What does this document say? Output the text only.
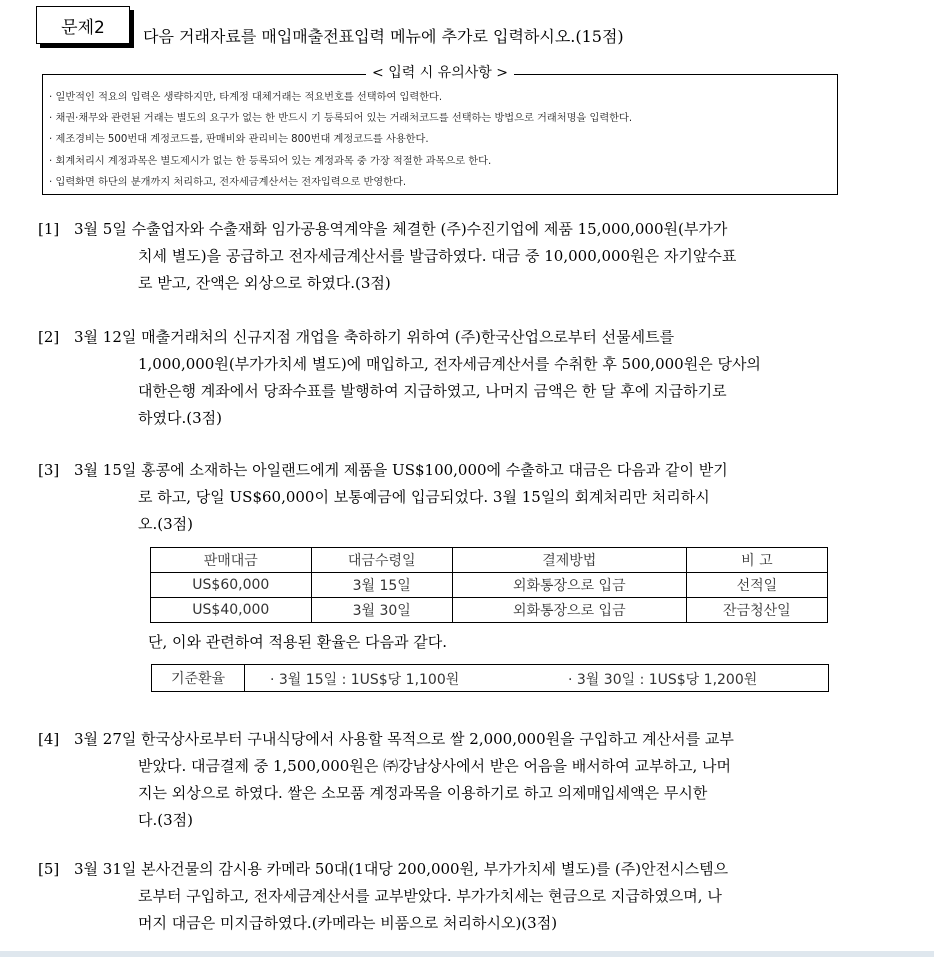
문제2	다음 거래자료를 매입매출전표입력 메뉴에 추가로 입력하시오.(15점)
< 입력 시 유의사항 >
· 일반적인 적요의 입력은 생략하지만, 타계정 대체거래는 적요번호를 선택하여 입력한다.
· 채권·채무와 관련된 거래는 별도의 요구가 없는 한 반드시 기 등록되어 있는 거래처코드를 선택하는 방법으로 거래처명을 입력한다.
· 제조경비는 500번대 계정코드를, 판매비와 관리비는 800번대 계정코드를 사용한다.
· 회계처리시 계정과목은 별도제시가 없는 한 등록되어 있는 계정과목 중 가장 적절한 과목으로 한다.
· 입력화면 하단의 분개까지 처리하고, 전자세금계산서는 전자입력으로 반영한다.
[1] 3월 5일 수출업자와 수출재화 임가공용역계약을 체결한 (주)수진기업에 제품 15,000,000원(부가가
치세 별도)을 공급하고 전자세금계산서를 발급하였다. 대금 중 10,000,000원은 자기앞수표
로 받고, 잔액은 외상으로 하였다.(3점)
[2] 3월 12일 매출거래처의 신규지점 개업을 축하하기 위하여 (주)한국산업으로부터 선물세트를
1,000,000원(부가가치세 별도)에 매입하고, 전자세금계산서를 수취한 후 500,000원은 당사의
대한은행 계좌에서 당좌수표를 발행하여 지급하였고, 나머지 금액은 한 달 후에 지급하기로
하였다.(3점)
[3] 3월 15일 홍콩에 소재하는 아일랜드에게 제품을 US$100,000에 수출하고 대금은 다음과 같이 받기
로 하고, 당일 US$60,000이 보통예금에 입금되었다. 3월 15일의 회계처리만 처리하시
오.(3점)
판매대금	대금수령일	결제방법	비 고
US$60,000	3월 15일	외화통장으로 입금	선적일
US$40,000	3월 30일	외화통장으로 입금	잔금청산일
단, 이와 관련하여 적용된 환율은 다음과 같다.
기준환율	· 3월 15일 : 1US$당 1,100원	· 3월 30일 : 1US$당 1,200원
[4] 3월 27일 한국상사로부터 구내식당에서 사용할 목적으로 쌀 2,000,000원을 구입하고 계산서를 교부
받았다. 대금결제 중 1,500,000원은 ㈜강남상사에서 받은 어음을 배서하여 교부하고, 나머
지는 외상으로 하였다. 쌀은 소모품 계정과목을 이용하기로 하고 의제매입세액은 무시한
다.(3점)
[5] 3월 31일 본사건물의 감시용 카메라 50대(1대당 200,000원, 부가가치세 별도)를 (주)안전시스템으
로부터 구입하고, 전자세금계산서를 교부받았다. 부가가치세는 현금으로 지급하였으며, 나
머지 대금은 미지급하였다.(카메라는 비품으로 처리하시오)(3점)
